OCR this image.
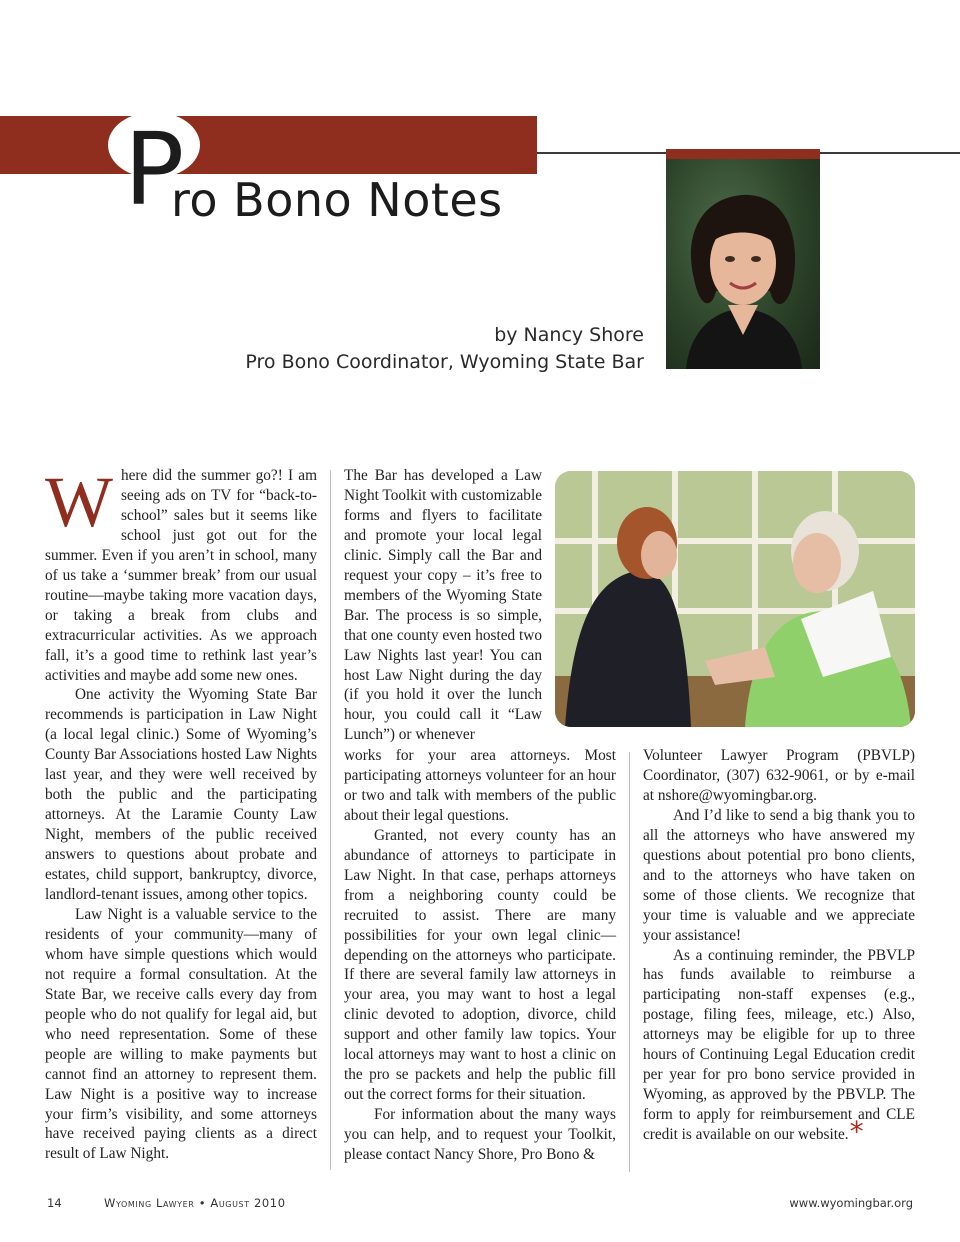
P
ro Bono Notes
by Nancy Shore
Pro Bono Coordinator, Wyoming State Bar

Where did the summer go?! I am seeing ads on TV for “back-to-school” sales but it seems like school just got out for the summer. Even if you aren’t in school, many of us take a ‘summer break’ from our usual routine—maybe taking more vacation days, or taking a break from clubs and extracurricular activities. As we approach fall, it’s a good time to rethink last year’s activities and maybe add some new ones.

One activity the Wyoming State Bar recommends is participation in Law Night (a local legal clinic.) Some of Wyoming’s County Bar Associations hosted Law Nights last year, and they were well received by both the public and the participating attorneys. At the Laramie County Law Night, members of the public received answers to questions about probate and estates, child support, bankruptcy, divorce, landlord-tenant issues, among other topics.

Law Night is a valuable service to the residents of your community—many of whom have simple questions which would not require a formal consultation. At the State Bar, we receive calls every day from people who do not qualify for legal aid, but who need representation. Some of these people are willing to make payments but cannot find an attorney to represent them. Law Night is a positive way to increase your firm’s visibility, and some attorneys have received paying clients as a direct result of Law Night.

The Bar has developed a Law Night Toolkit with customizable forms and flyers to facilitate and promote your local legal clinic. Simply call the Bar and request your copy – it’s free to members of the Wyoming State Bar. The process is so simple, that one county even hosted two Law Nights last year! You can host Law Night during the day (if you hold it over the lunch hour, you could call it “Law Lunch”) or whenever

works for your area attorneys. Most participating attorneys volunteer for an hour or two and talk with members of the public about their legal questions.

Granted, not every county has an abundance of attorneys to participate in Law Night. In that case, perhaps attorneys from a neighboring county could be recruited to assist. There are many possibilities for your own legal clinic—depending on the attorneys who participate. If there are several family law attorneys in your area, you may want to host a legal clinic devoted to adoption, divorce, child support and other family law topics. Your local attorneys may want to host a clinic on the pro se packets and help the public fill out the correct forms for their situation.

For information about the many ways you can help, and to request your Toolkit, please contact Nancy Shore, Pro Bono &

Volunteer Lawyer Program (PBVLP) Coordinator, (307) 632-9061, or by e-mail at nshore@wyomingbar.org.

And I’d like to send a big thank you to all the attorneys who have answered my questions about potential pro bono clients, and to the attorneys who have taken on some of those clients. We recognize that your time is valuable and we appreciate your assistance!

As a continuing reminder, the PBVLP has funds available to reimburse a participating non-staff expenses (e.g., postage, filing fees, mileage, etc.) Also, attorneys may be eligible for up to three hours of Continuing Legal Education credit per year for pro bono service provided in Wyoming, as approved by the PBVLP. The form to apply for reimbursement and CLE credit is available on our website.*

14	Wyoming Lawyer • August 2010	www.wyomingbar.org
